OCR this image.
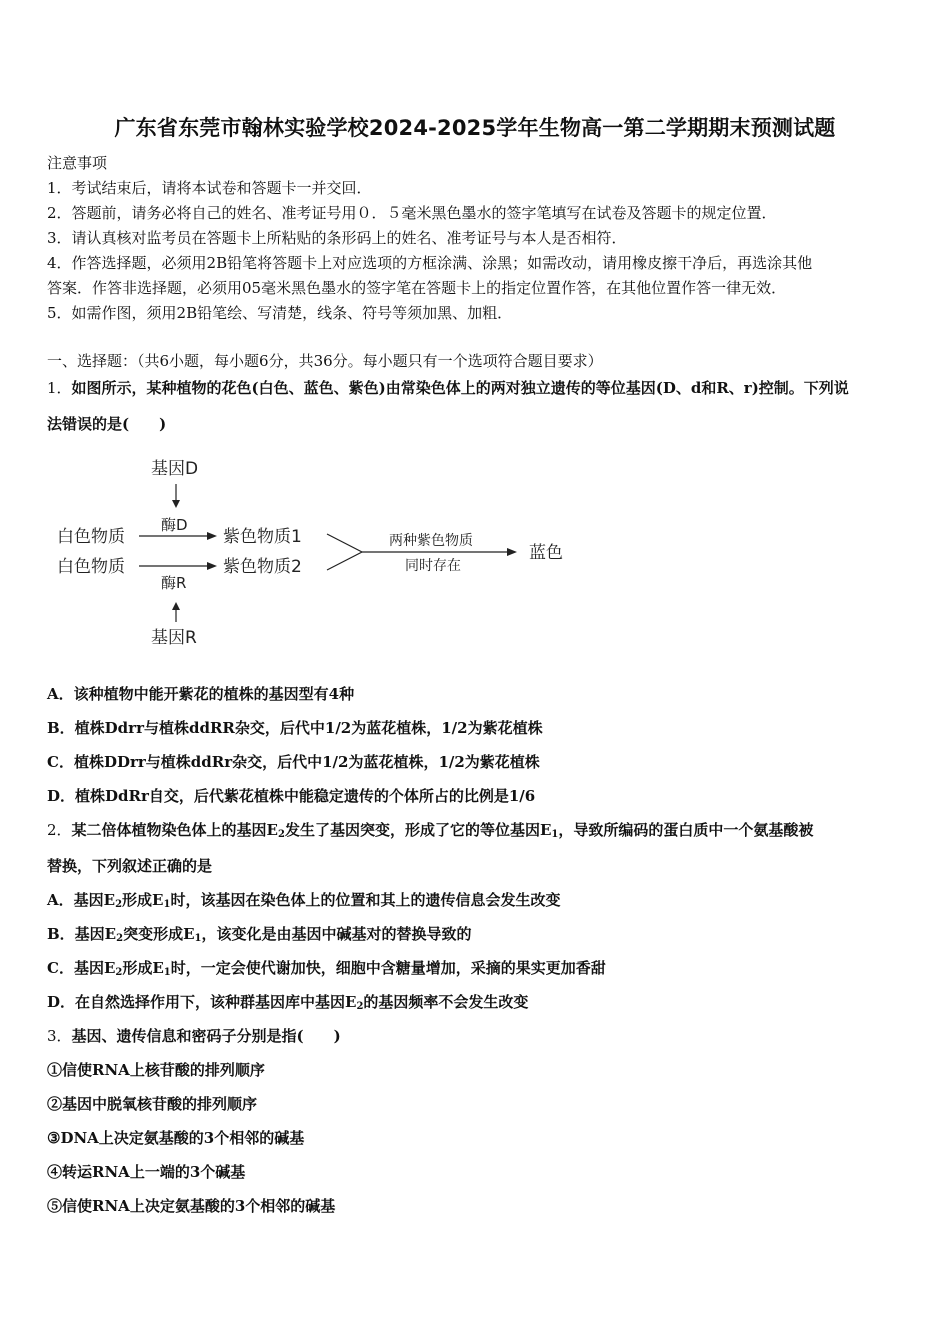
广东省东莞市翰林实验学校2024-2025学年生物高一第二学期期末预测试题
注意事项
1．考试结束后，请将本试卷和答题卡一并交回．
2．答题前，请务必将自己的姓名、准考证号用０．５毫米黑色墨水的签字笔填写在试卷及答题卡的规定位置．
3．请认真核对监考员在答题卡上所粘贴的条形码上的姓名、准考证号与本人是否相符．
4．作答选择题，必须用2B铅笔将答题卡上对应选项的方框涂满、涂黑；如需改动，请用橡皮擦干净后，再选涂其他
答案．作答非选择题，必须用05毫米黑色墨水的签字笔在答题卡上的指定位置作答，在其他位置作答一律无效．
5．如需作图，须用2B铅笔绘、写清楚，线条、符号等须加黑、加粗．
一、选择题：（共6小题，每小题6分，共36分。每小题只有一个选项符合题目要求）
1．如图所示，某种植物的花色(白色、蓝色、紫色)由常染色体上的两对独立遗传的等位基因(D、d和R、r)控制。下列说
法错误的是(　　)
基因D
酶D
白色物质	紫色物质1
白色物质	紫色物质2
两种紫色物质
同时存在
蓝色
酶R
基因R
A．该种植物中能开紫花的植株的基因型有4种
B．植株Ddrr与植株ddRR杂交，后代中1/2为蓝花植株，1/2为紫花植株
C．植株DDrr与植株ddRr杂交，后代中1/2为蓝花植株，1/2为紫花植株
D．植株DdRr自交，后代紫花植株中能稳定遗传的个体所占的比例是1/6
2．某二倍体植物染色体上的基因$E_2$发生了基因突变，形成了它的等位基因$E_1$，导致所编码的蛋白质中一个氨基酸被
替换，下列叙述正确的是
A．基因$E_2$形成$E_1$时，该基因在染色体上的位置和其上的遗传信息会发生改变
B．基因$E_2$突变形成$E_1$，该变化是由基因中碱基对的替换导致的
C．基因$E_2$形成$E_1$时，一定会使代谢加快，细胞中含糖量增加，采摘的果实更加香甜
D．在自然选择作用下，该种群基因库中基因$E_2$的基因频率不会发生改变
3．基因、遗传信息和密码子分别是指(　　)
①信使RNA上核苷酸的排列顺序
②基因中脱氧核苷酸的排列顺序
③DNA上决定氨基酸的3个相邻的碱基
④转运RNA上一端的3个碱基
⑤信使RNA上决定氨基酸的3个相邻的碱基
